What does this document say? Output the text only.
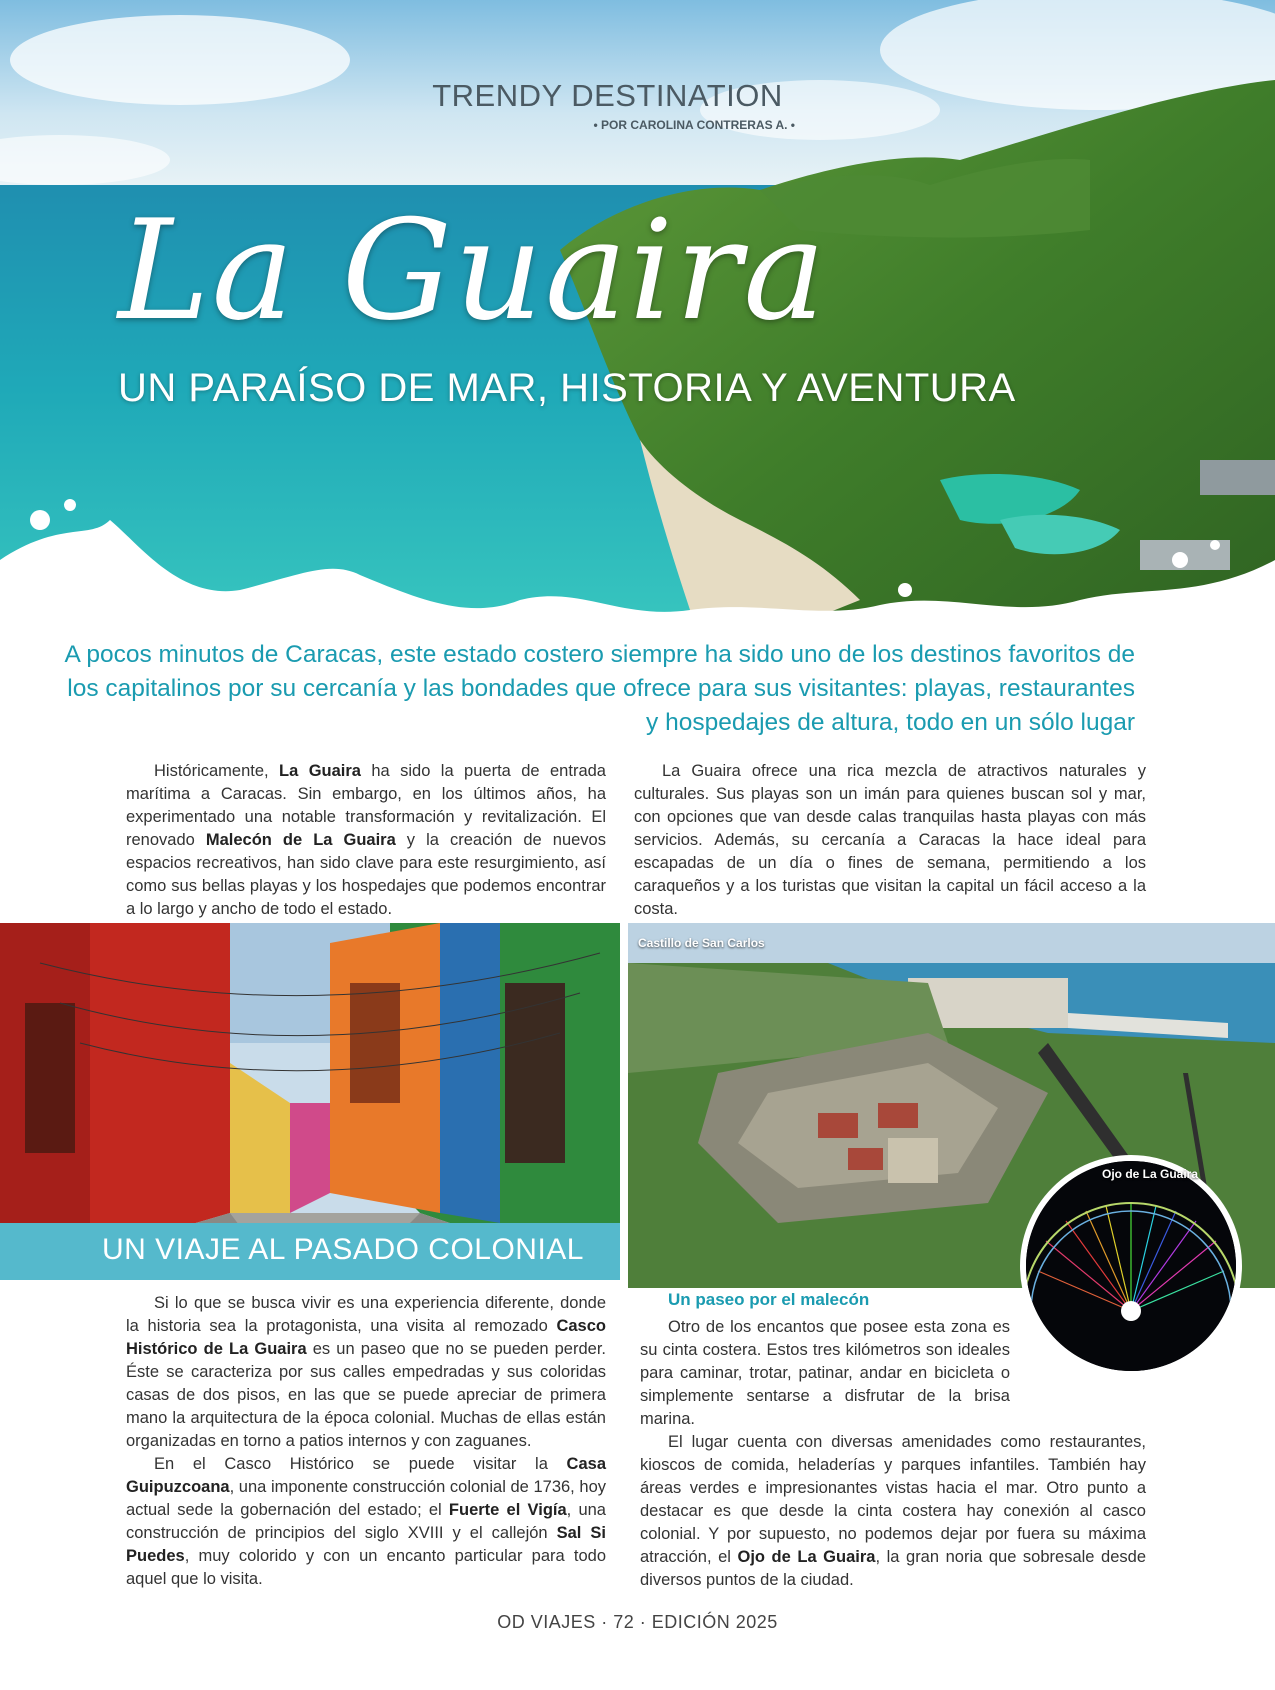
TRENDY DESTINATION
• POR CAROLINA CONTRERAS A. •
La Guaira
UN PARAÍSO DE MAR, HISTORIA Y AVENTURA
A pocos minutos de Caracas, este estado costero siempre ha sido uno de los destinos favoritos de los capitalinos por su cercanía y las bondades que ofrece para sus visitantes: playas, restaurantes y hospedajes de altura, todo en un sólo lugar

Históricamente, La Guaira ha sido la puerta de entrada marítima a Caracas. Sin embargo, en los últimos años, ha experimentado una notable transformación y revitalización. El renovado Malecón de La Guaira y la creación de nuevos espacios recreativos, han sido clave para este resurgimiento, así como sus bellas playas y los hospedajes que podemos encontrar a lo largo y ancho de todo el estado.

La Guaira ofrece una rica mezcla de atractivos naturales y culturales. Sus playas son un imán para quienes buscan sol y mar, con opciones que van desde calas tranquilas hasta playas con más servicios. Además, su cercanía a Caracas la hace ideal para escapadas de un día o fines de semana, permitiendo a los caraqueños y a los turistas que visitan la capital un fácil acceso a la costa.

UN VIAJE AL PASADO COLONIAL
Castillo de San Carlos
Ojo de La Guaira

Si lo que se busca vivir es una experiencia diferente, donde la historia sea la protagonista, una visita al remozado Casco Histórico de La Guaira es un paseo que no se pueden perder. Éste se caracteriza por sus calles empedradas y sus coloridas casas de dos pisos, en las que se puede apreciar de primera mano la arquitectura de la época colonial. Muchas de ellas están organizadas en torno a patios internos y con zaguanes.

En el Casco Histórico se puede visitar la Casa Guipuzcoana, una imponente construcción colonial de 1736, hoy actual sede la gobernación del estado; el Fuerte el Vigía, una construcción de principios del siglo XVIII y el callejón Sal Si Puedes, muy colorido y con un encanto particular para todo aquel que lo visita.

Un paseo por el malecón

Otro de los encantos que posee esta zona es su cinta costera. Estos tres kilómetros son ideales para caminar, trotar, patinar, andar en bicicleta o simplemente sentarse a disfrutar de la brisa marina.

El lugar cuenta con diversas amenidades como restaurantes, kioscos de comida, heladerías y parques infantiles. También hay áreas verdes e impresionantes vistas hacia el mar. Otro punto a destacar es que desde la cinta costera hay conexión al casco colonial. Y por supuesto, no podemos dejar por fuera su máxima atracción, el Ojo de La Guaira, la gran noria que sobresale desde diversos puntos de la ciudad.

OD VIAJES · 72 · EDICIÓN 2025
